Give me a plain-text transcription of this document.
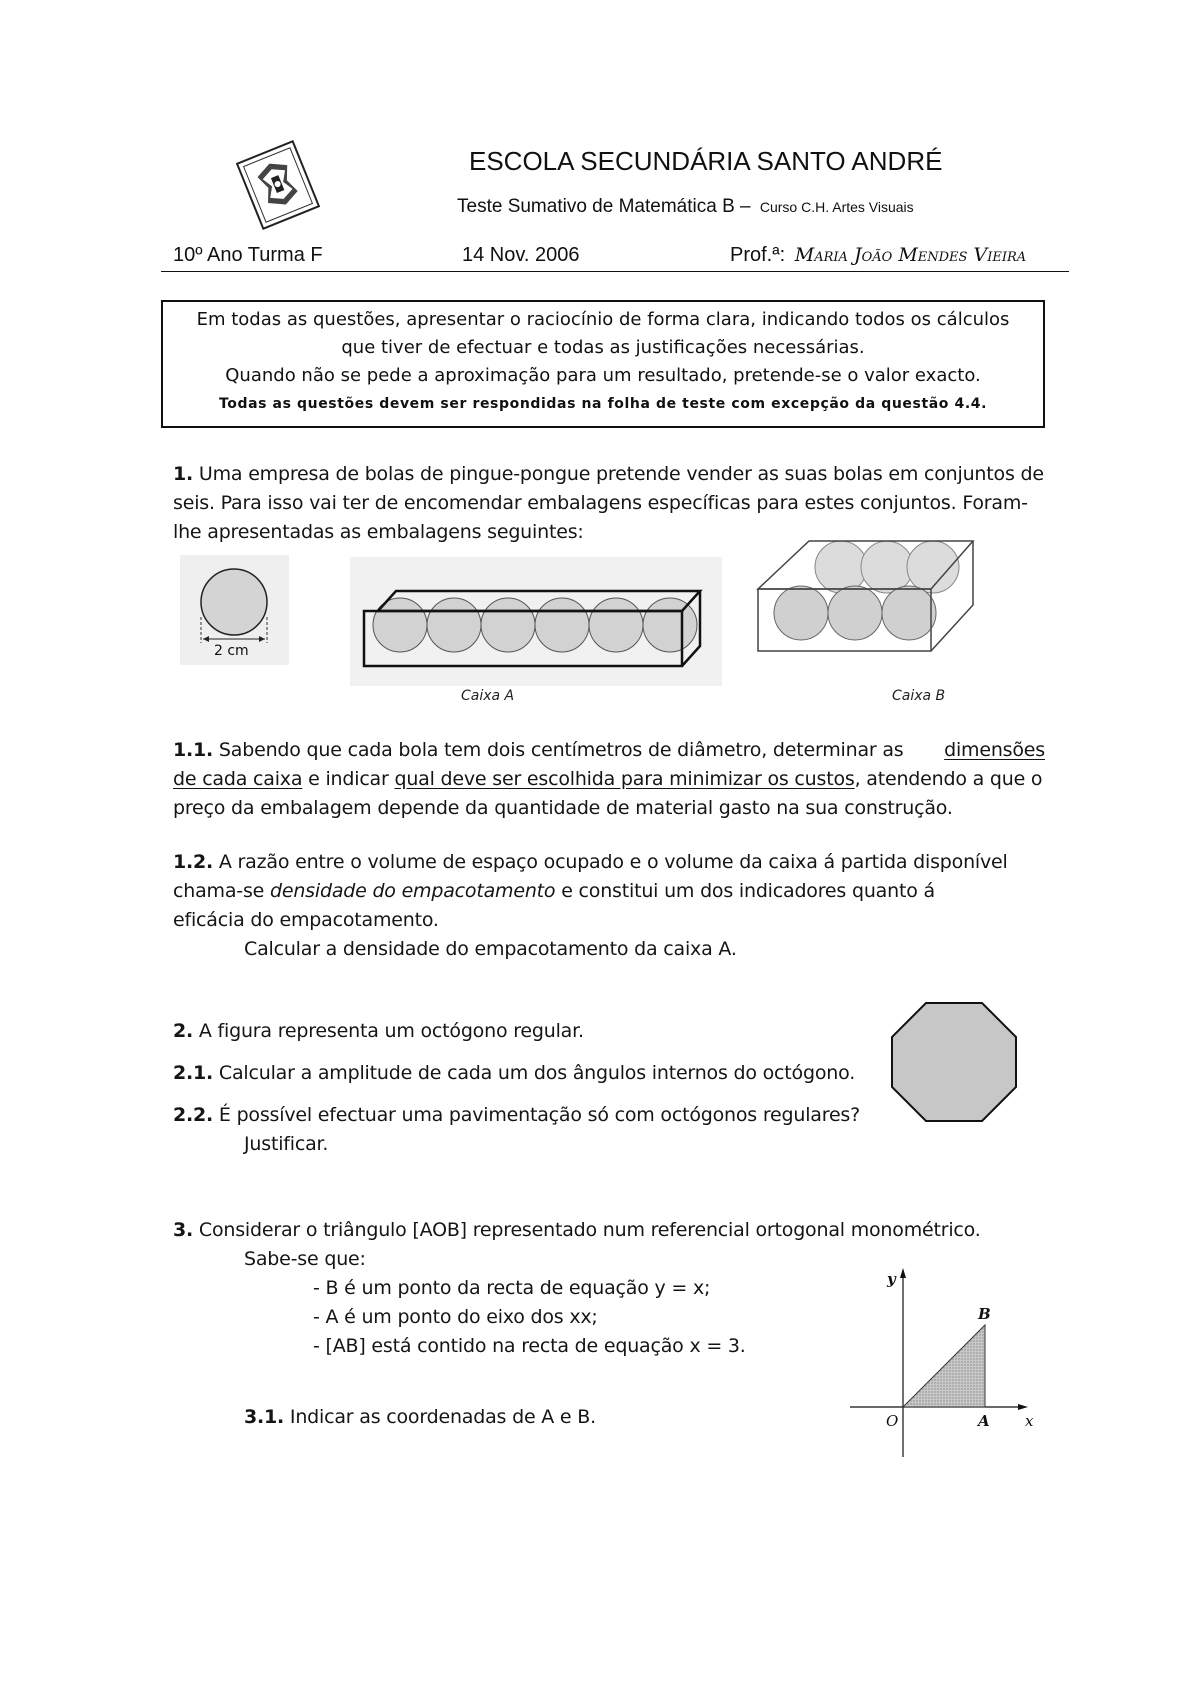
ESCOLA SECUNDÁRIA SANTO ANDRÉ
Teste Sumativo de Matemática B – Curso C.H. Artes Visuais
10º Ano Turma F	14 Nov. 2006	Prof.ª: Maria João Mendes Vieira

Em todas as questões, apresentar o raciocínio de forma clara, indicando todos os cálculos

que tiver de efectuar e todas as justificações necessárias.

Quando não se pede a aproximação para um resultado, pretende-se o valor exacto.

Todas as questões devem ser respondidas na folha de teste com excepção da questão 4.4.

1. Uma empresa de bolas de pingue-pongue pretende vender as suas bolas em conjuntos de
seis. Para isso vai ter de encomendar embalagens específicas para estes conjuntos. Foram-
lhe apresentadas as embalagens seguintes:
2 cm
Caixa A	Caixa B
1.1. Sabendo que cada bola tem dois centímetros de diâmetro, determinar as dimensões
de cada caixa e indicar qual deve ser escolhida para minimizar os custos, atendendo a que o
preço da embalagem depende da quantidade de material gasto na sua construção.
1.2. A razão entre o volume de espaço ocupado e o volume da caixa á partida disponível
chama-se densidade do empacotamento e constitui um dos indicadores quanto á
eficácia do empacotamento.
Calcular a densidade do empacotamento da caixa A.
2. A figura representa um octógono regular.
2.1. Calcular a amplitude de cada um dos ângulos internos do octógono.
2.2. É possível efectuar uma pavimentação só com octógonos regulares?
Justificar.
3. Considerar o triângulo [AOB] representado num referencial ortogonal monométrico.
Sabe-se que:
- B é um ponto da recta de equação y = x;
- A é um ponto do eixo dos xx;
- [AB] está contido na recta de equação x = 3.
3.1. Indicar as coordenadas de A e B.
y
B
O	A x
